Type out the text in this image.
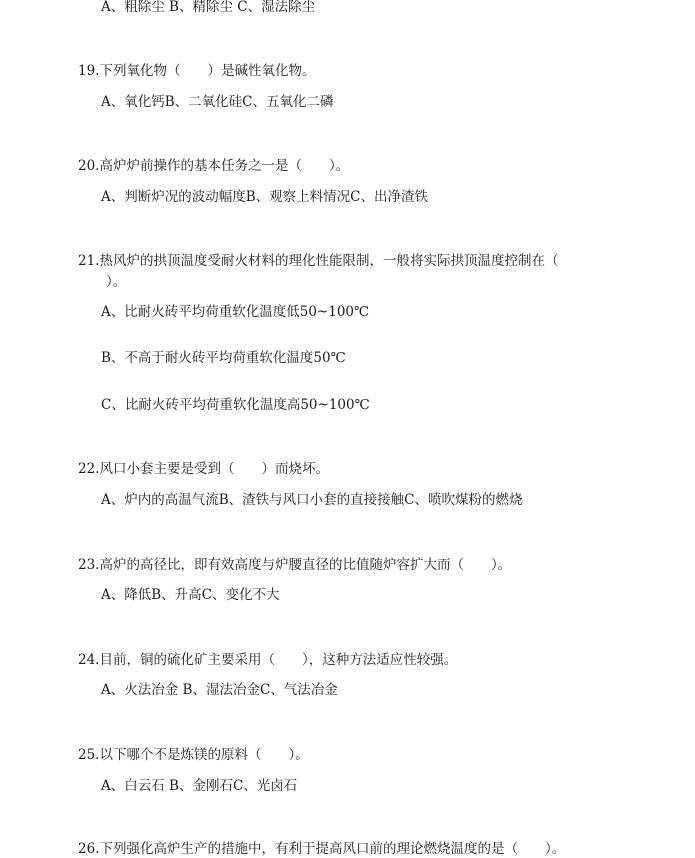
A、粗除尘 B、精除尘 C、湿法除尘
19.下列氧化物（　　）是碱性氧化物。
A、氧化钙B、二氧化硅C、五氧化二磷
20.高炉炉前操作的基本任务之一是（　　）。
A、判断炉况的波动幅度B、观察上料情况C、出净渣铁
21.热风炉的拱顶温度受耐火材料的理化性能限制，一般将实际拱顶温度控制在（
）。
A、比耐火砖平均荷重软化温度低50~100℃
B、不高于耐火砖平均荷重软化温度50℃
C、比耐火砖平均荷重软化温度高50~100℃
22.风口小套主要是受到（　　）而烧坏。
A、炉内的高温气流B、渣铁与风口小套的直接接触C、喷吹煤粉的燃烧
23.高炉的高径比，即有效高度与炉腰直径的比值随炉容扩大而（　　）。
A、降低B、升高C、变化不大
24.目前，铜的硫化矿主要采用（　　），这种方法适应性较强。
A、火法冶金 B、湿法冶金C、气法冶金
25.以下哪个不是炼镁的原料（　　）。
A、白云石 B、金刚石C、光卤石
26.下列强化高炉生产的措施中，有利于提高风口前的理论燃烧温度的是（　　）。
